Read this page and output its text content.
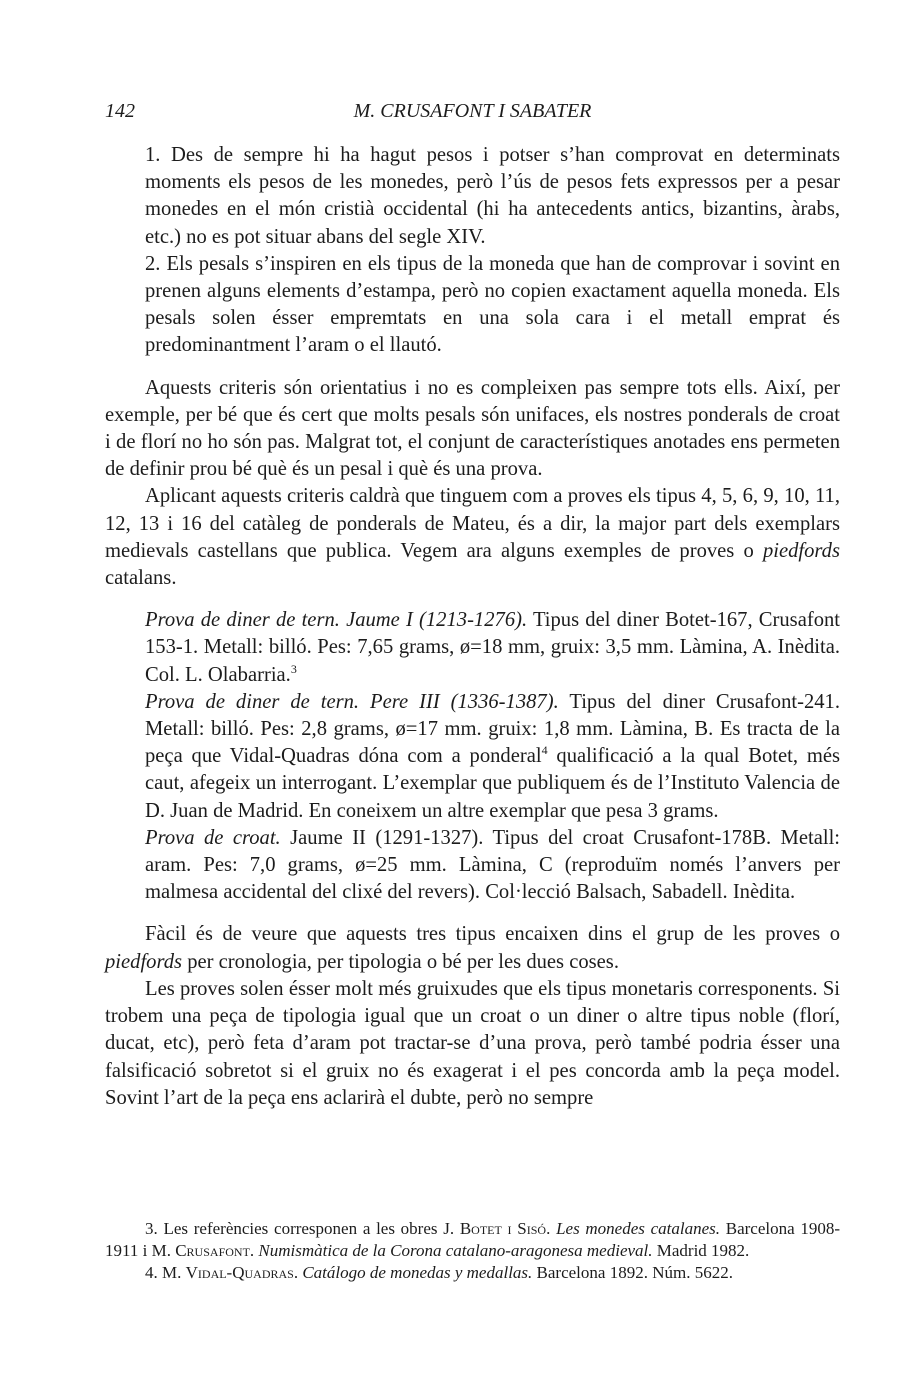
142	M. CRUSAFONT I SABATER

1. Des de sempre hi ha hagut pesos i potser s’han comprovat en determinats moments els pesos de les monedes, però l’ús de pesos fets expressos per a pesar monedes en el món cristià occidental (hi ha antecedents antics, bizantins, àrabs, etc.) no es pot situar abans del segle XIV.

2. Els pesals s’inspiren en els tipus de la moneda que han de comprovar i sovint en prenen alguns elements d’estampa, però no copien exactament aquella moneda. Els pesals solen ésser empremtats en una sola cara i el metall emprat és predominantment l’aram o el llautó.

Aquests criteris són orientatius i no es compleixen pas sempre tots ells. Així, per exemple, per bé que és cert que molts pesals són unifaces, els nostres ponderals de croat i de florí no ho són pas. Malgrat tot, el conjunt de característiques anotades ens permeten de definir prou bé què és un pesal i què és una prova.

Aplicant aquests criteris caldrà que tinguem com a proves els tipus 4, 5, 6, 9, 10, 11, 12, 13 i 16 del catàleg de ponderals de Mateu, és a dir, la major part dels exemplars medievals castellans que publica. Vegem ara alguns exemples de proves o piedfords catalans.

Prova de diner de tern. Jaume I (1213-1276). Tipus del diner Botet-167, Crusafont 153-1. Metall: billó. Pes: 7,65 grams, ø=18 mm, gruix: 3,5 mm. Làmina, A. Inèdita. Col. L. Olabarria.$^3$

Prova de diner de tern. Pere III (1336-1387). Tipus del diner Crusafont-241. Metall: billó. Pes: 2,8 grams, ø=17 mm. gruix: 1,8 mm. Làmina, B. Es tracta de la peça que Vidal-Quadras dóna com a ponderal$^4$ qualificació a la qual Botet, més caut, afegeix un interrogant. L’exemplar que publiquem és de l’Instituto Valencia de D. Juan de Madrid. En coneixem un altre exemplar que pesa 3 grams.

Prova de croat. Jaume II (1291-1327). Tipus del croat Crusafont-178B. Metall: aram. Pes: 7,0 grams, ø=25 mm. Làmina, C (reproduïm només l’anvers per malmesa accidental del clixé del revers). Col·lecció Balsach, Sabadell. Inèdita.

Fàcil és de veure que aquests tres tipus encaixen dins el grup de les proves o piedfords per cronologia, per tipologia o bé per les dues coses.

Les proves solen ésser molt més gruixudes que els tipus monetaris corresponents. Si trobem una peça de tipologia igual que un croat o un diner o altre tipus noble (florí, ducat, etc), però feta d’aram pot tractar-se d’una prova, però també podria ésser una falsificació sobretot si el gruix no és exagerat i el pes concorda amb la peça model. Sovint l’art de la peça ens aclarirà el dubte, però no sempre

3. Les referències corresponen a les obres J. Botet i Sisó. Les monedes catalanes. Barcelona 1908-1911 i M. Crusafont. Numismàtica de la Corona catalano-aragonesa medieval. Madrid 1982.

4. M. Vidal-Quadras. Catálogo de monedas y medallas. Barcelona 1892. Núm. 5622.
